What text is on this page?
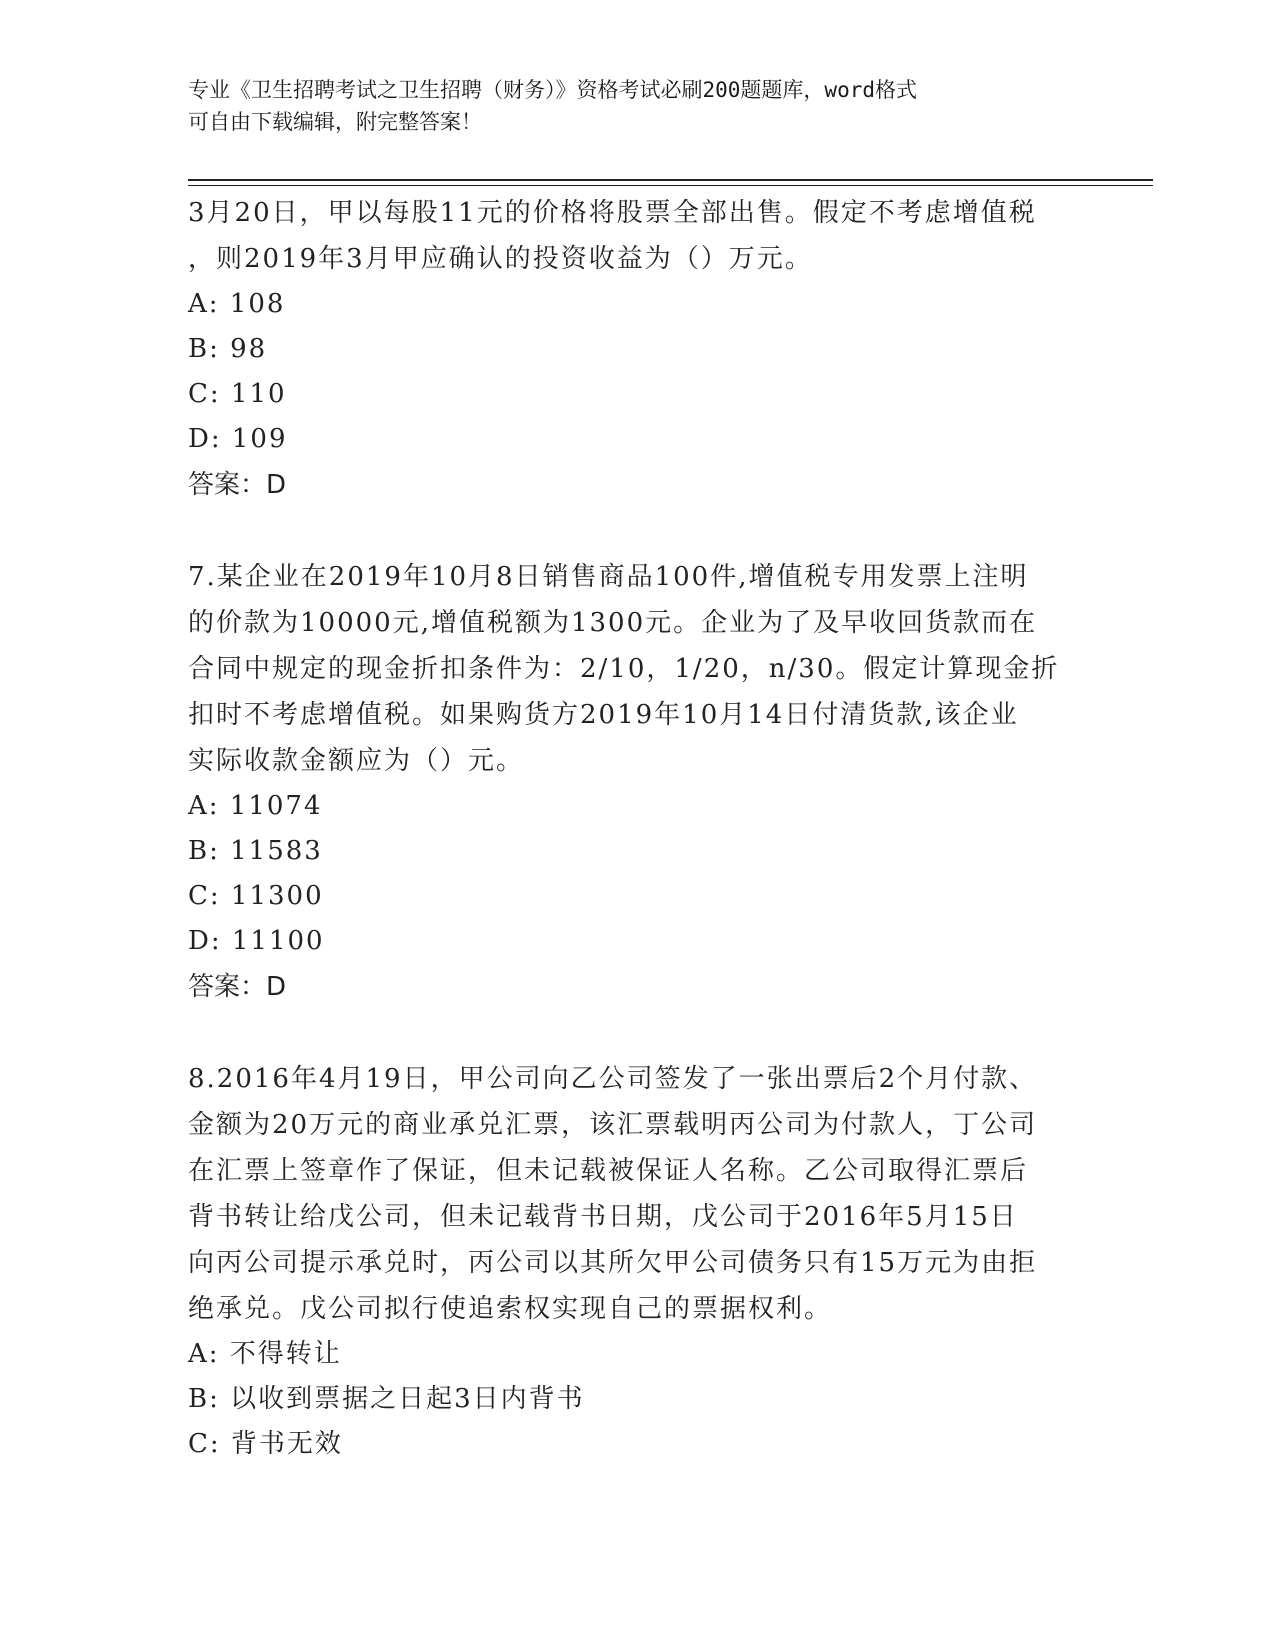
专业《卫生招聘考试之卫生招聘（财务）》资格考试必刷200题题库，word格式
可自由下载编辑，附完整答案！

3月20日，甲以每股11元的价格将股票全部出售。假定不考虑增值税

，则2019年3月甲应确认的投资收益为（）万元。

A: 108

B: 98

C: 110

D: 109

答案：D

7.某企业在2019年10月8日销售商品100件,增值税专用发票上注明

的价款为10000元,增值税额为1300元。企业为了及早收回货款而在

合同中规定的现金折扣条件为：2/10，1/20，n/30。假定计算现金折

扣时不考虑增值税。如果购货方2019年10月14日付清货款,该企业

实际收款金额应为（）元。

A: 11074

B: 11583

C: 11300

D: 11100

答案：D

8.2016年4月19日，甲公司向乙公司签发了一张出票后2个月付款、

金额为20万元的商业承兑汇票，该汇票载明丙公司为付款人，丁公司

在汇票上签章作了保证，但未记载被保证人名称。乙公司取得汇票后

背书转让给戊公司，但未记载背书日期，戊公司于2016年5月15日

向丙公司提示承兑时，丙公司以其所欠甲公司债务只有15万元为由拒

绝承兑。戊公司拟行使追索权实现自己的票据权利。

A: 不得转让

B: 以收到票据之日起3日内背书

C: 背书无效
